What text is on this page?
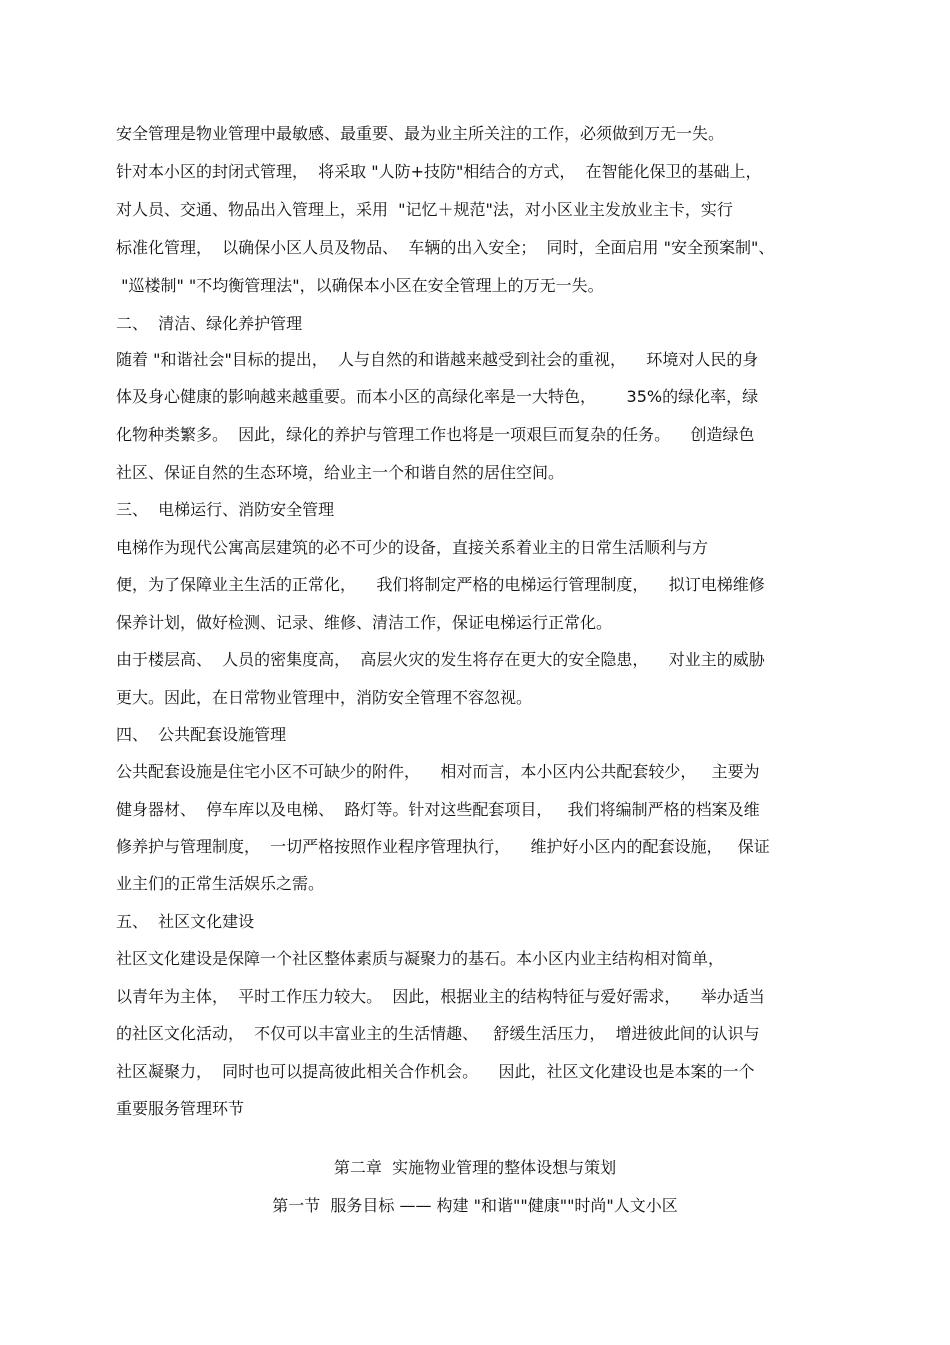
安全管理是物业管理中最敏感、最重要、最为业主所关注的工作，必须做到万无一失。
针对本小区的封闭式管理，  将采取 "人防+技防"相结合的方式，  在智能化保卫的基础上，
对人员、交通、物品出入管理上，采用  "记忆＋规范"法，对小区业主发放业主卡，实行
标准化管理，  以确保小区人员及物品、  车辆的出入安全；  同时，全面启用 "安全预案制"、
"巡楼制" "不均衡管理法"，以确保本小区在安全管理上的万无一失。
二、  清洁、绿化养护管理
随着 "和谐社会"目标的提出，  人与自然的和谐越来越受到社会的重视，    环境对人民的身
体及身心健康的影响越来越重要。而本小区的高绿化率是一大特色，      35%的绿化率，绿
化物种类繁多。  因此，绿化的养护与管理工作也将是一项艰巨而复杂的任务。    创造绿色
社区、保证自然的生态环境，给业主一个和谐自然的居住空间。
三、  电梯运行、消防安全管理
电梯作为现代公寓高层建筑的必不可少的设备，直接关系着业主的日常生活顺利与方
便，为了保障业主生活的正常化，    我们将制定严格的电梯运行管理制度，    拟订电梯维修
保养计划，做好检测、记录、维修、清洁工作，保证电梯运行正常化。
由于楼层高、  人员的密集度高，  高层火灾的发生将存在更大的安全隐患，    对业主的威胁
更大。因此，在日常物业管理中，消防安全管理不容忽视。
四、  公共配套设施管理
公共配套设施是住宅小区不可缺少的附件，    相对而言，本小区内公共配套较少，   主要为
健身器材、  停车库以及电梯、  路灯等。针对这些配套项目，   我们将编制严格的档案及维
修养护与管理制度，  一切严格按照作业程序管理执行，    维护好小区内的配套设施，   保证
业主们的正常生活娱乐之需。
五、  社区文化建设
社区文化建设是保障一个社区整体素质与凝聚力的基石。本小区内业主结构相对简单，
以青年为主体，  平时工作压力较大。  因此，根据业主的结构特征与爱好需求，    举办适当
的社区文化活动，  不仅可以丰富业主的生活情趣、   舒缓生活压力，  增进彼此间的认识与
社区凝聚力，  同时也可以提高彼此相关合作机会。    因此，社区文化建设也是本案的一个
重要服务管理环节
第二章  实施物业管理的整体设想与策划
第一节  服务目标 —— 构建 "和谐""健康""时尚"人文小区
